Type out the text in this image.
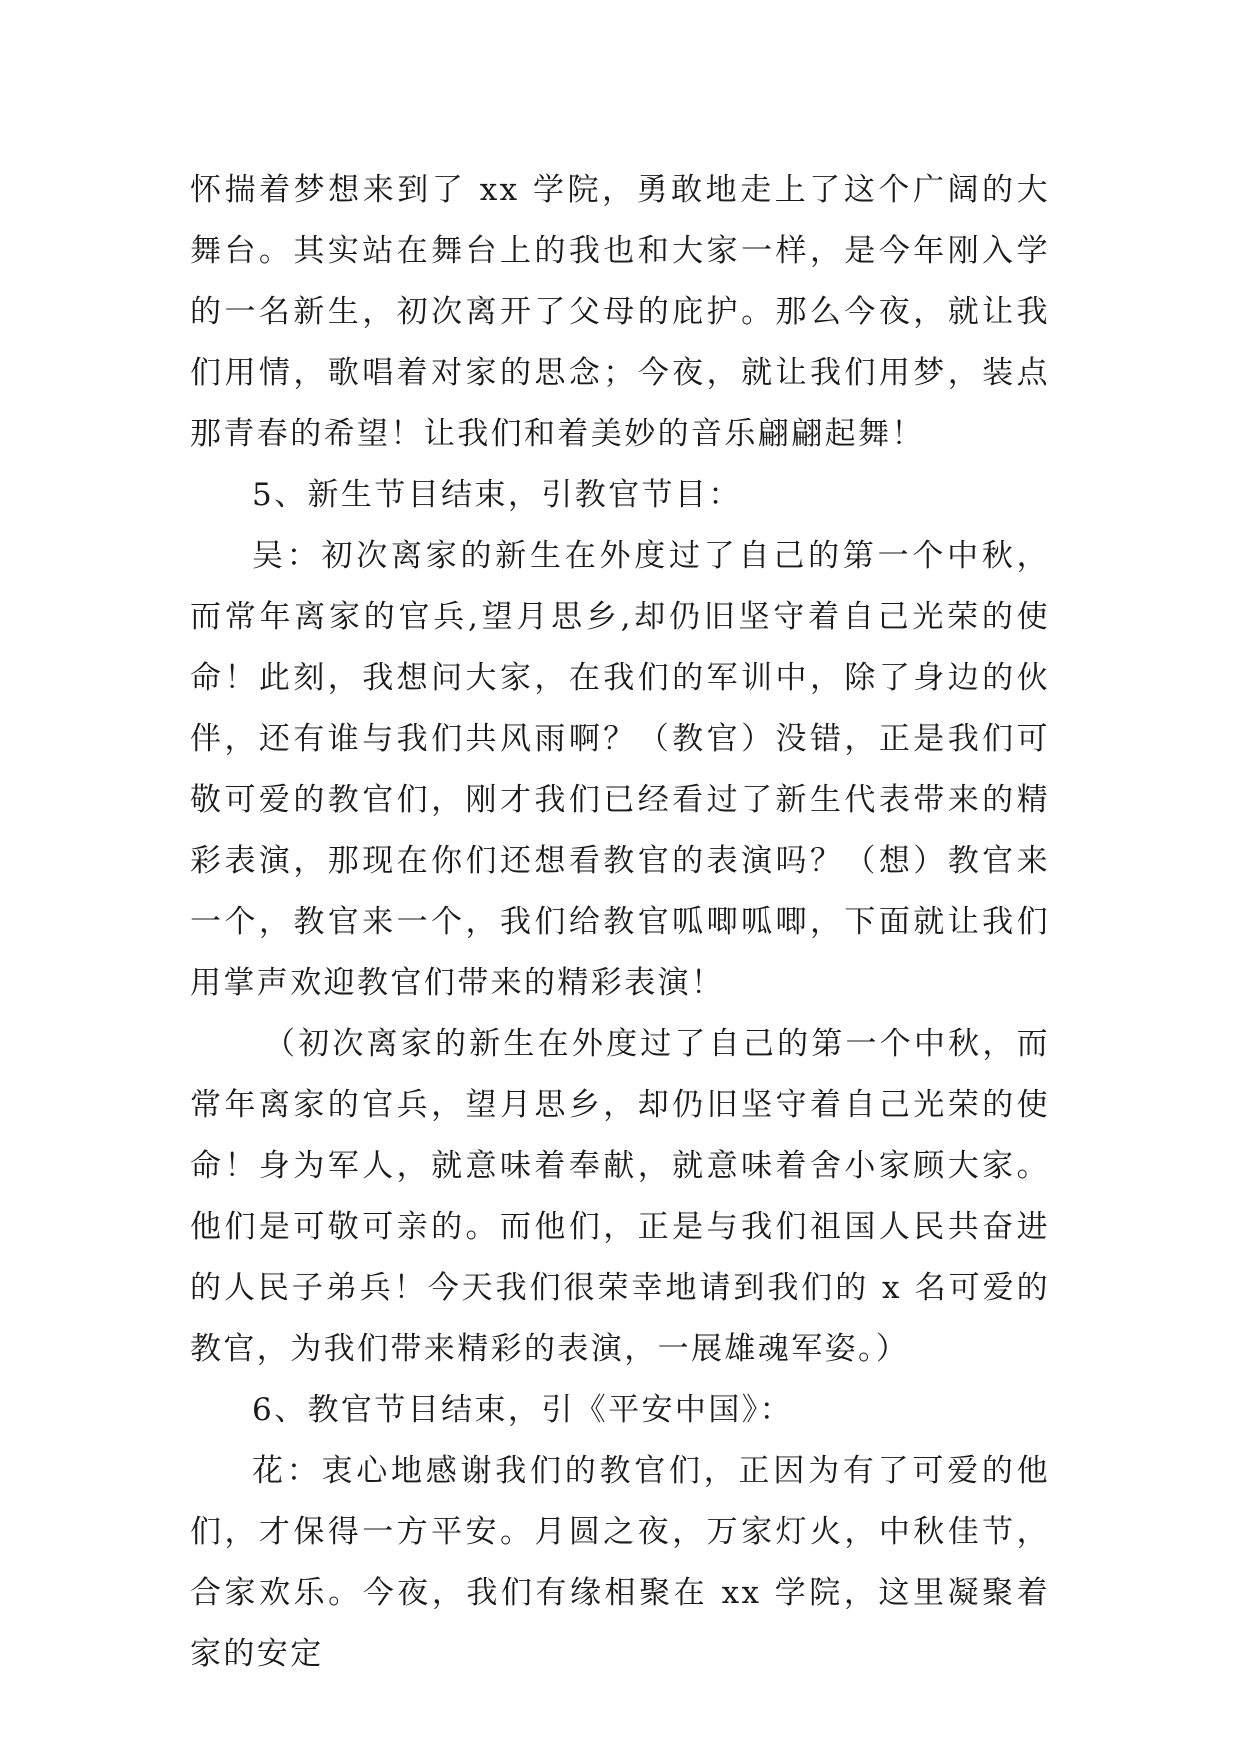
怀揣着梦想来到了 xx 学院，勇敢地走上了这个广阔的大舞台。其实站在舞台上的我也和大家一样，是今年刚入学的一名新生，初次离开了父母的庇护。那么今夜，就让我们用情，歌唱着对家的思念；今夜，就让我们用梦，装点那青春的希望！让我们和着美妙的音乐翩翩起舞！

5、新生节目结束，引教官节目：

吴：初次离家的新生在外度过了自己的第一个中秋，而常年离家的官兵,望月思乡,却仍旧坚守着自己光荣的使命！此刻，我想问大家，在我们的军训中，除了身边的伙伴，还有谁与我们共风雨啊？（教官）没错，正是我们可敬可爱的教官们，刚才我们已经看过了新生代表带来的精彩表演，那现在你们还想看教官的表演吗？（想）教官来一个，教官来一个，我们给教官呱唧呱唧，下面就让我们用掌声欢迎教官们带来的精彩表演！

（初次离家的新生在外度过了自己的第一个中秋，而常年离家的官兵，望月思乡，却仍旧坚守着自己光荣的使命！身为军人，就意味着奉献，就意味着舍小家顾大家。他们是可敬可亲的。而他们，正是与我们祖国人民共奋进的人民子弟兵！今天我们很荣幸地请到我们的 x 名可爱的教官，为我们带来精彩的表演，一展雄魂军姿。）

6、教官节目结束，引《平安中国》：

花：衷心地感谢我们的教官们，正因为有了可爱的他们，才保得一方平安。月圆之夜，万家灯火，中秋佳节，合家欢乐。今夜，我们有缘相聚在 xx 学院，这里凝聚着家的安定
